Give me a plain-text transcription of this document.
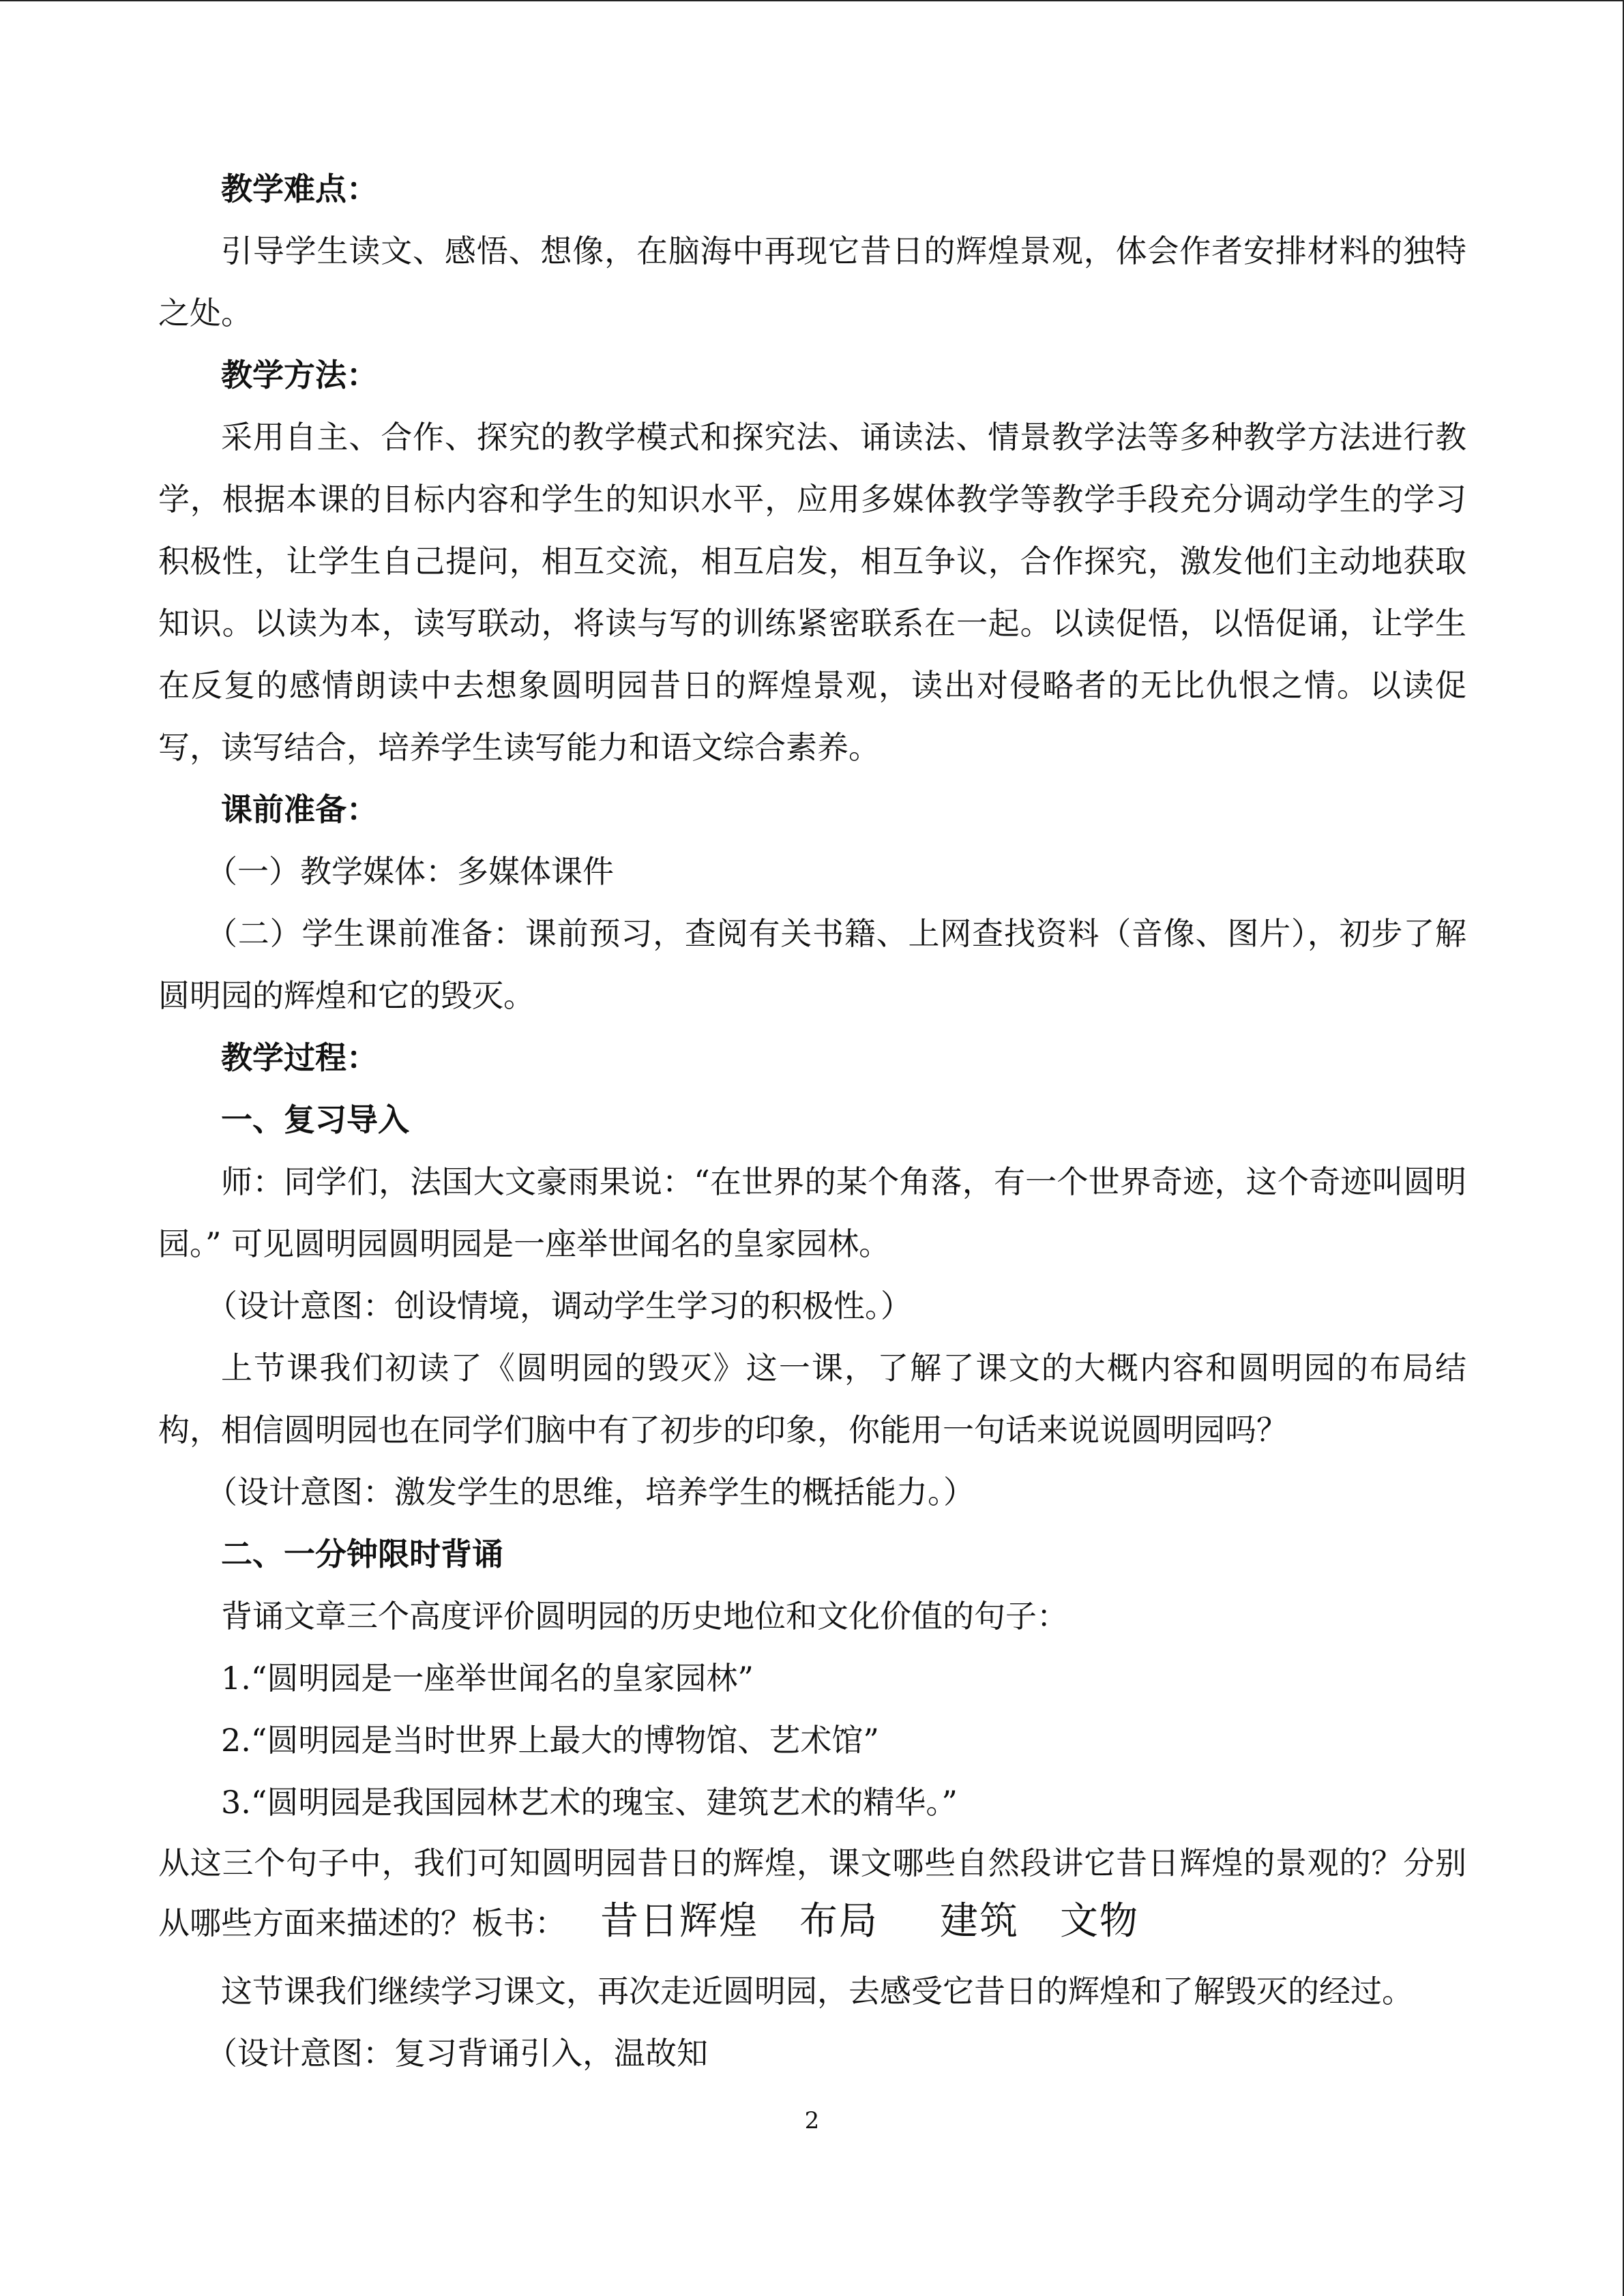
教学难点：

引导学生读文、感悟、想像，在脑海中再现它昔日的辉煌景观，体会作者安排材料的独特之处。

教学方法：

采用自主、合作、探究的教学模式和探究法、诵读法、情景教学法等多种教学方法进行教学，根据本课的目标内容和学生的知识水平，应用多媒体教学等教学手段充分调动学生的学习积极性，让学生自己提问，相互交流，相互启发，相互争议，合作探究，激发他们主动地获取知识。以读为本，读写联动，将读与写的训练紧密联系在一起。以读促悟，以悟促诵，让学生在反复的感情朗读中去想象圆明园昔日的辉煌景观，读出对侵略者的无比仇恨之情。以读促写，读写结合，培养学生读写能力和语文综合素养。

课前准备：

（一）教学媒体：多媒体课件

（二）学生课前准备：课前预习，查阅有关书籍、上网查找资料（音像、图片），初步了解圆明园的辉煌和它的毁灭。

教学过程：

一、复习导入

师：同学们，法国大文豪雨果说：“在世界的某个角落，有一个世界奇迹，这个奇迹叫圆明园。” 可见圆明园圆明园是一座举世闻名的皇家园林。

（设计意图：创设情境，调动学生学习的积极性。）

上节课我们初读了《圆明园的毁灭》这一课，了解了课文的大概内容和圆明园的布局结构，相信圆明园也在同学们脑中有了初步的印象，你能用一句话来说说圆明园吗？

（设计意图：激发学生的思维，培养学生的概括能力。）

二、一分钟限时背诵

背诵文章三个高度评价圆明园的历史地位和文化价值的句子：

1.“圆明园是一座举世闻名的皇家园林”

2.“圆明园是当时世界上最大的博物馆、艺术馆”

3.“圆明园是我国园林艺术的瑰宝、建筑艺术的精华。”

从这三个句子中，我们可知圆明园昔日的辉煌，课文哪些自然段讲它昔日辉煌的景观的？分别从哪些方面来描述的？板书： 昔日辉煌 布局 建筑 文物

这节课我们继续学习课文，再次走近圆明园，去感受它昔日的辉煌和了解毁灭的经过。

（设计意图：复习背诵引入，温故知

2
